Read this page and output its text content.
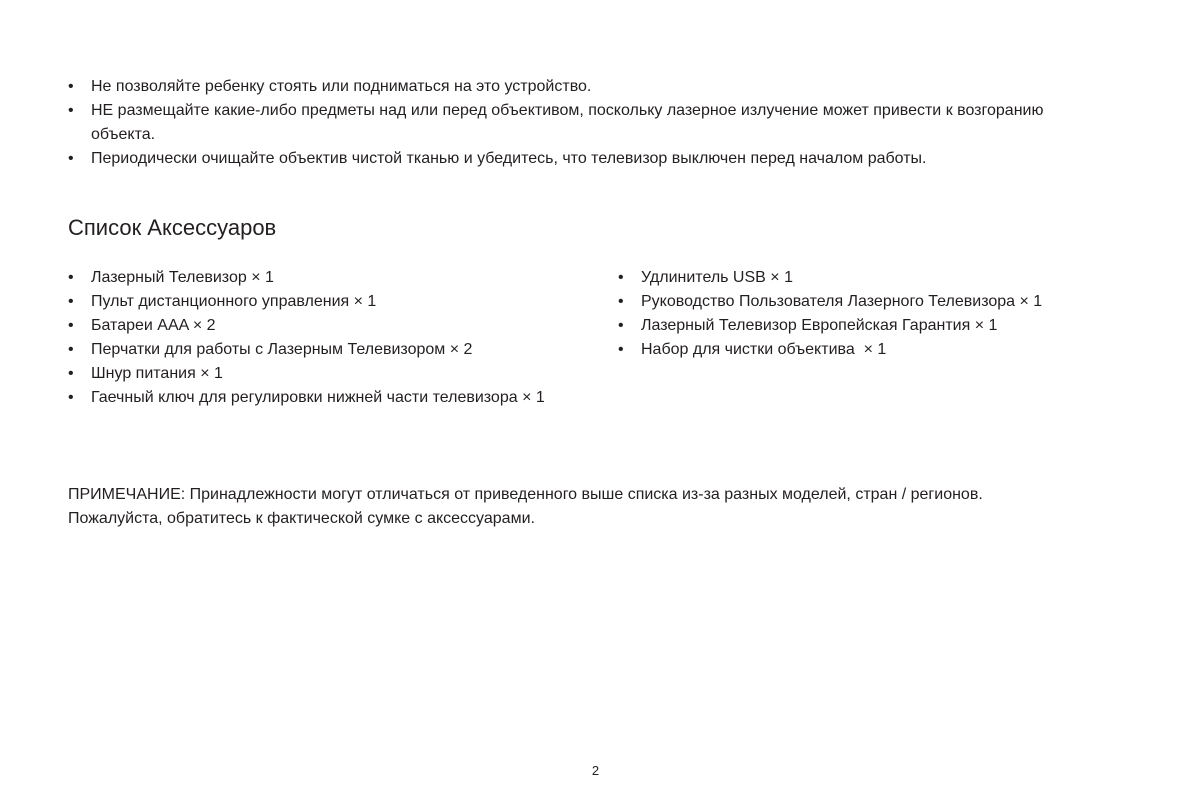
• Не позволяйте ребенку стоять или подниматься на это устройство.
• НЕ размещайте какие-либо предметы над или перед объективом, поскольку лазерное излучение может привести к возгоранию объекта.
• Периодически очищайте объектив чистой тканью и убедитесь, что телевизор выключен перед началом работы.
Список Аксессуаров
• Лазерный Телевизор × 1
• Пульт дистанционного управления × 1
• Батареи AAA × 2
• Перчатки для работы с Лазерным Телевизором × 2
• Шнур питания × 1
• Гаечный ключ для регулировки нижней части телевизора × 1
• Удлинитель USB × 1
• Руководство Пользователя Лазерного Телевизора × 1
• Лазерный Телевизор Европейская Гарантия × 1
• Набор для чистки объектива  × 1

ПРИМЕЧАНИЕ: Принадлежности могут отличаться от приведенного выше списка из-за разных моделей, стран / регионов.
Пожалуйста, обратитесь к фактической сумке с аксессуарами.

2
